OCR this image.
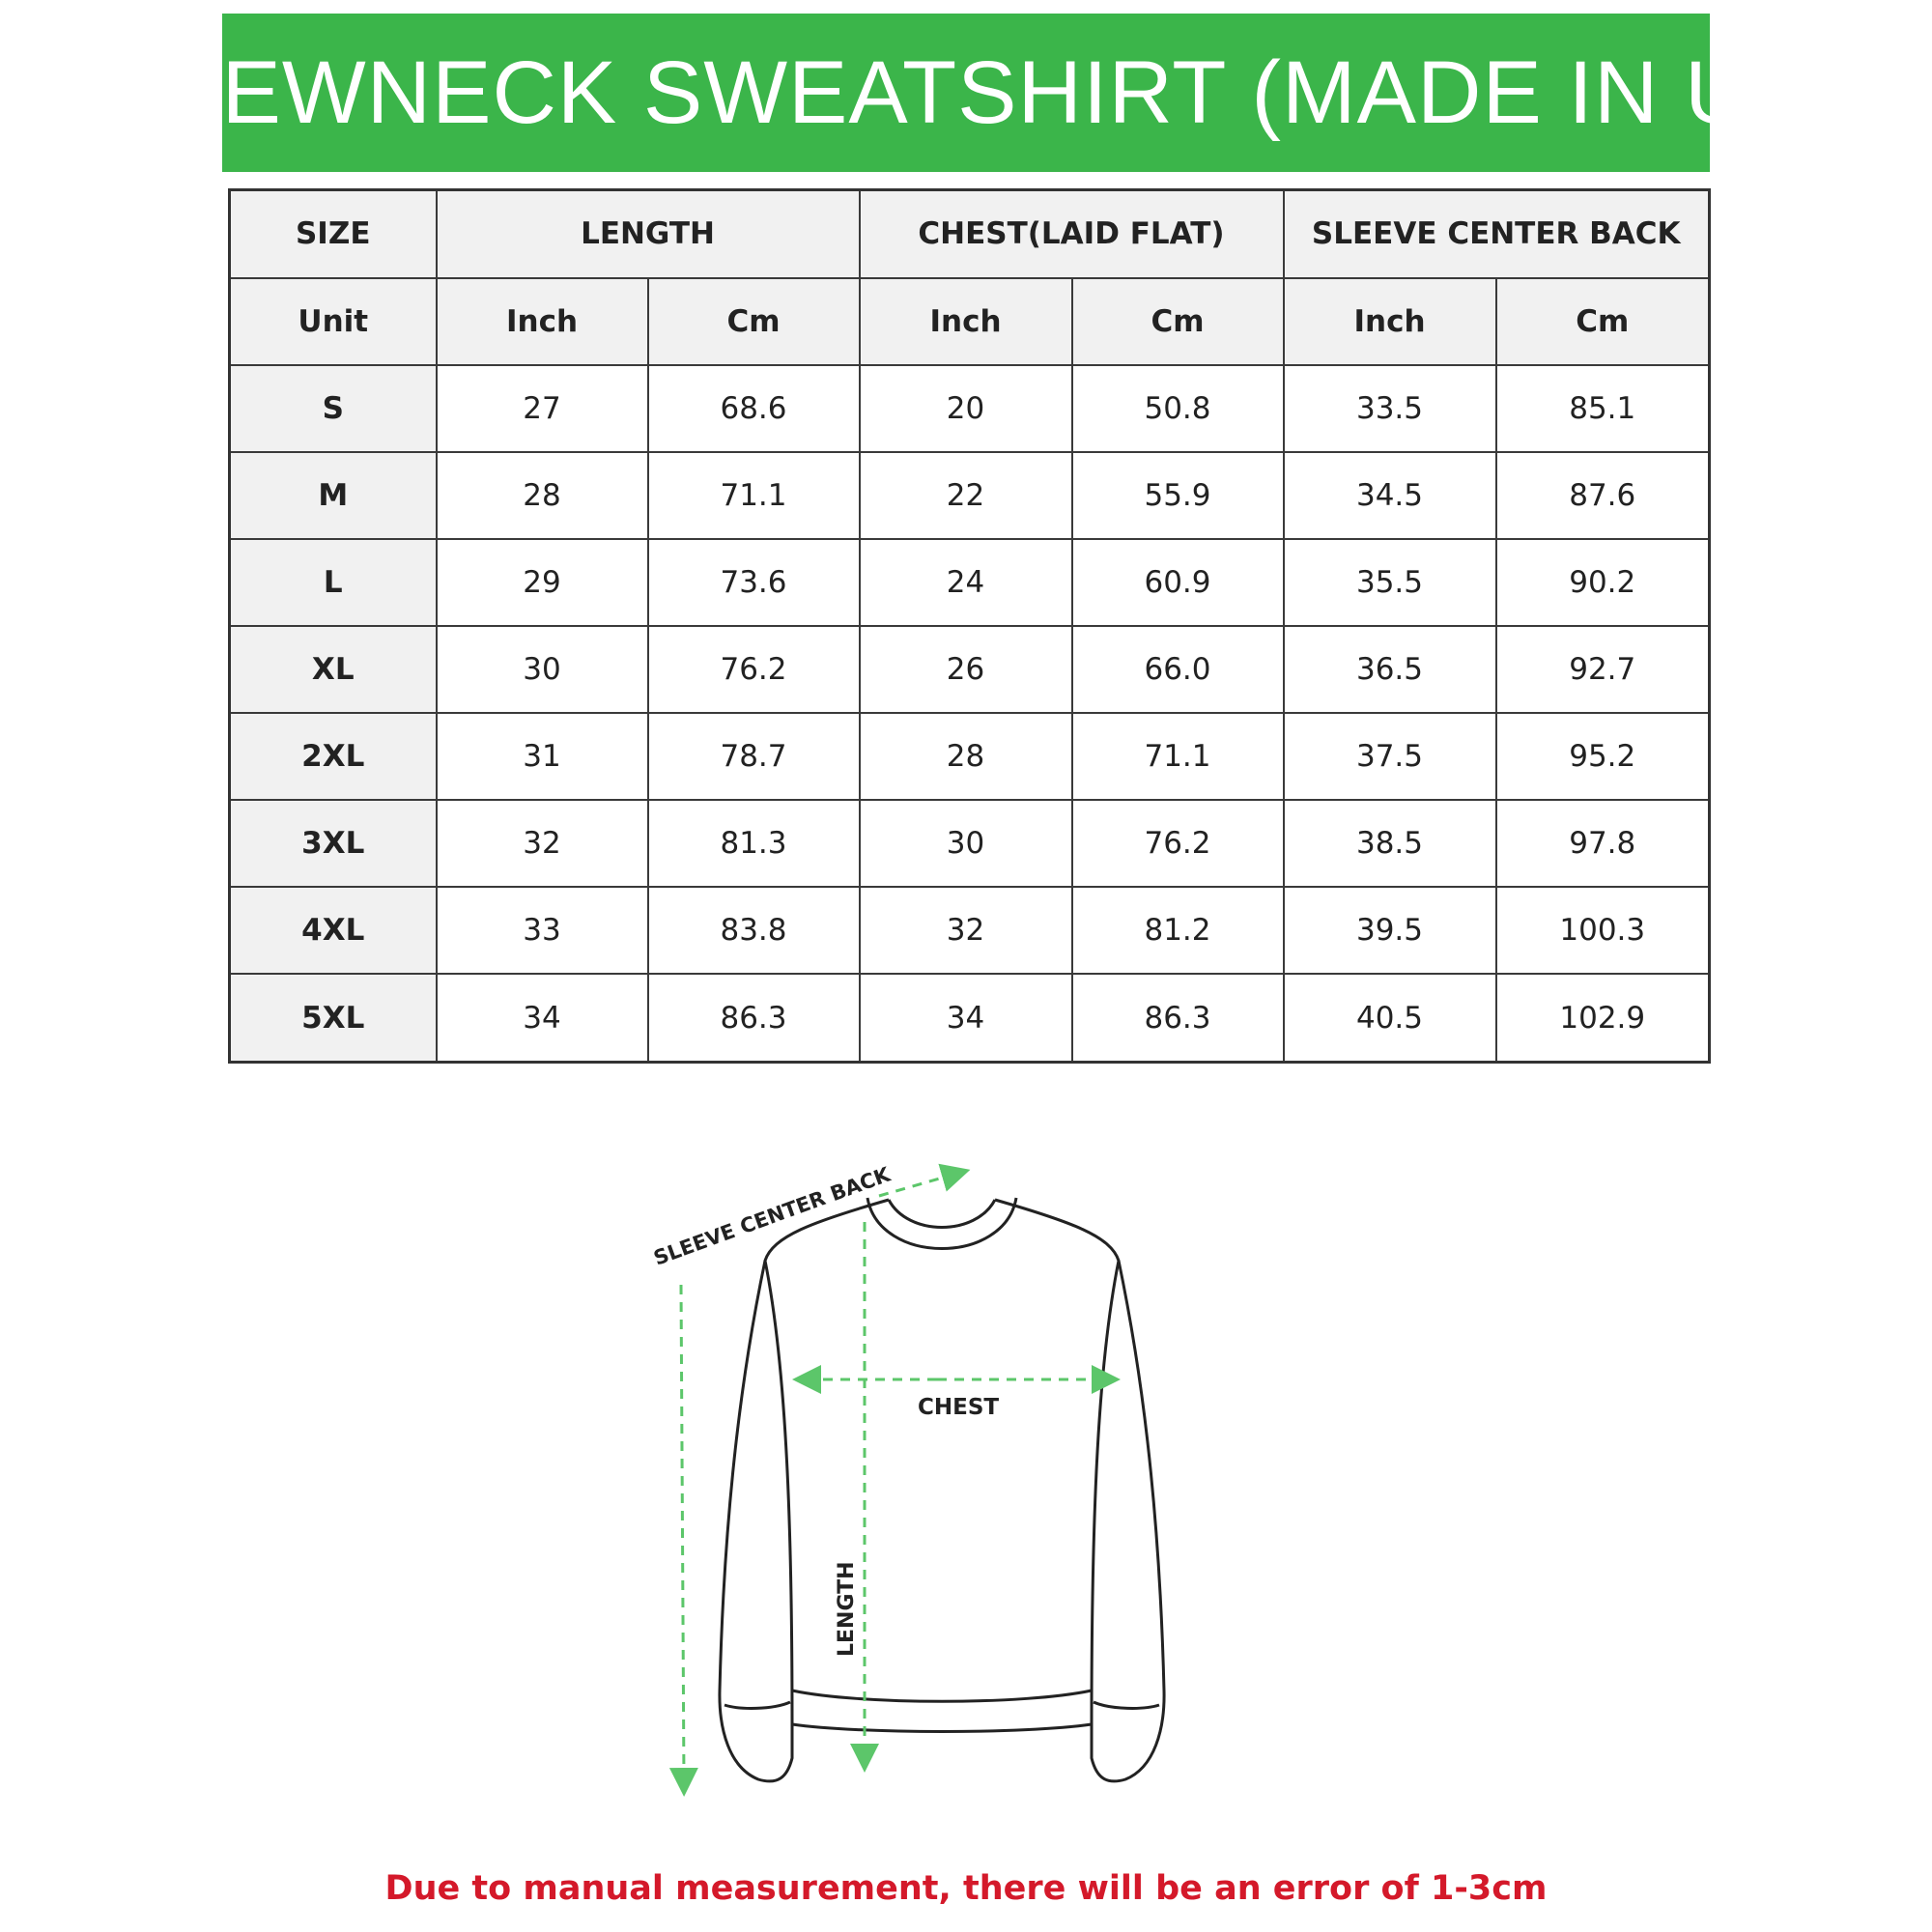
CREWNECK SWEATSHIRT (MADE IN US)
SIZE	LENGTH		CHEST(LAID FLAT)		SLEEVE CENTER BACK	
Unit	Inch	Cm	Inch	Cm	Inch	Cm
S	27	68.6	20	50.8	33.5	85.1
M	28	71.1	22	55.9	34.5	87.6
L	29	73.6	24	60.9	35.5	90.2
XL	30	76.2	26	66.0	36.5	92.7
2XL	31	78.7	28	71.1	37.5	95.2
3XL	32	81.3	30	76.2	38.5	97.8
4XL	33	83.8	32	81.2	39.5	100.3
5XL	34	86.3	34	86.3	40.5	102.9
SLEEVE CENTER BACK
CHEST
LENGTH
Due to manual measurement, there will be an error of 1-3cm
